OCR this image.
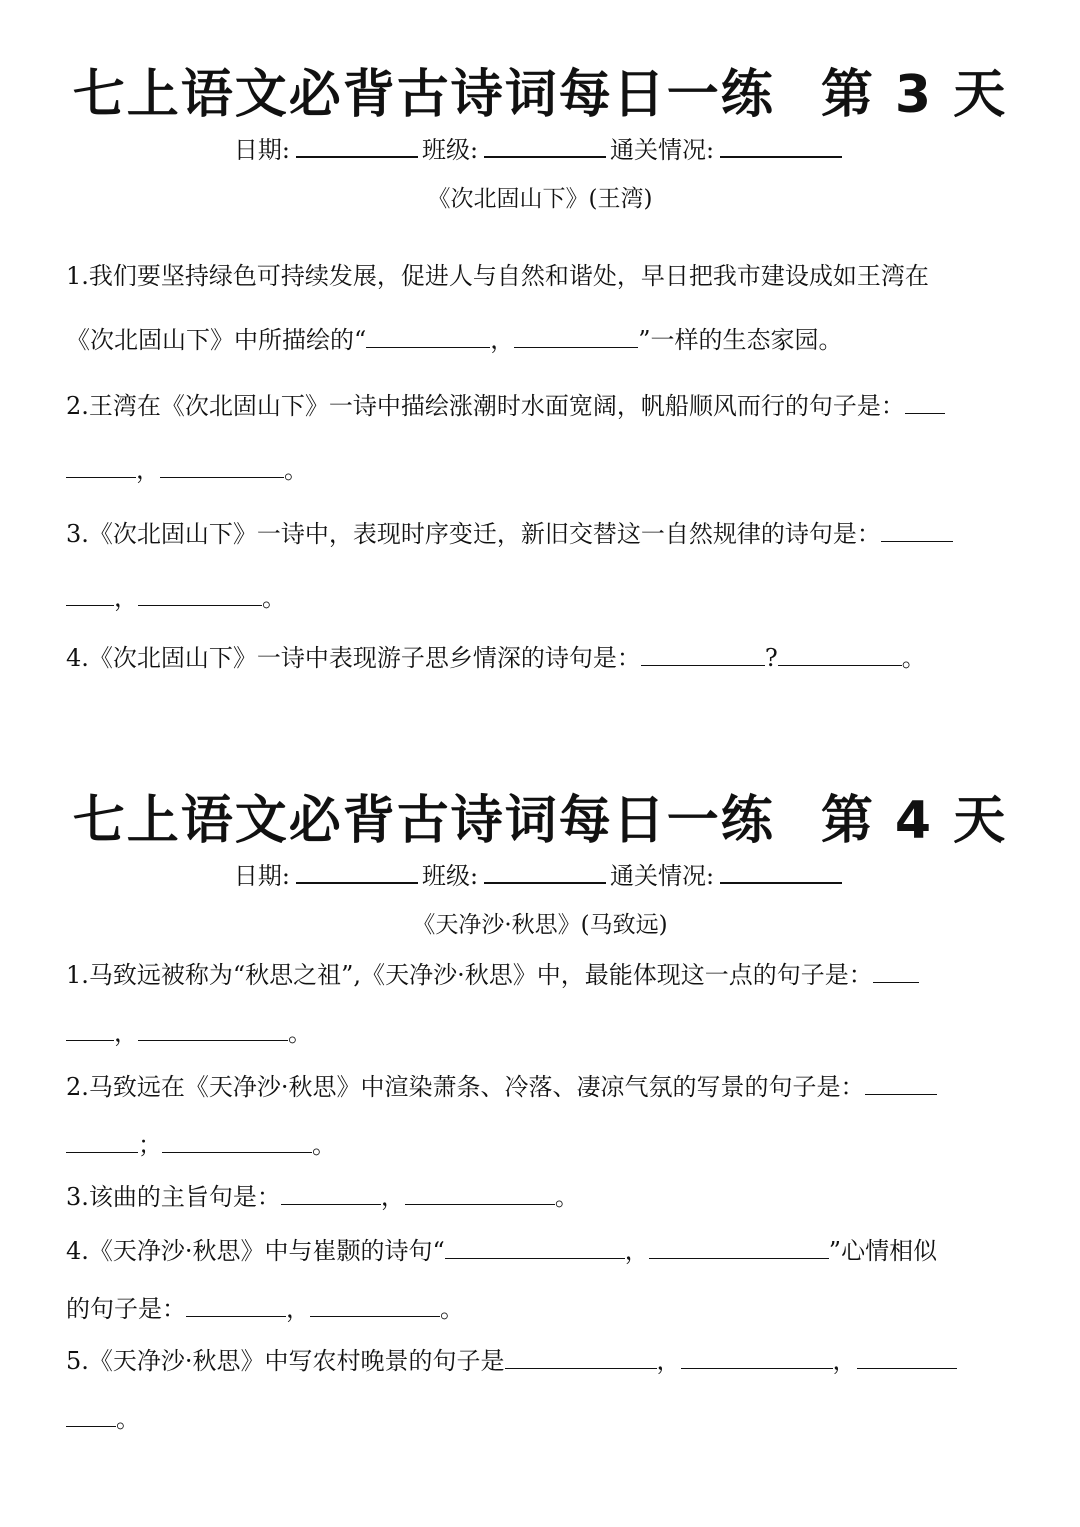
七上语文必背古诗词每日一练 第 3 天
日期:	班级:	通关情况:
《次北固山下》(王湾)
1.我们要坚持绿色可持续发展，促进人与自然和谐处，早日把我市建设成如王湾在
《次北固山下》中所描绘的“	，	”一样的生态家园。
2.王湾在《次北固山下》一诗中描绘涨潮时水面宽阔，帆船顺风而行的句子是：
，	。
3.《次北固山下》一诗中，表现时序变迁，新旧交替这一自然规律的诗句是：
，	。
4.《次北固山下》一诗中表现游子思乡情深的诗句是：	?	。
七上语文必背古诗词每日一练 第 4 天
日期:	班级:	通关情况:
《天净沙·秋思》(马致远)
1.马致远被称为“秋思之祖”,《天净沙·秋思》中，最能体现这一点的句子是：
，	。
2.马致远在《天净沙·秋思》中渲染萧条、冷落、凄凉气氛的写景的句子是：
；	。
3.该曲的主旨句是：	，	。
4.《天净沙·秋思》中与崔颢的诗句“	，	”心情相似
的句子是：	，	。
5.《天净沙·秋思》中写农村晚景的句子是	，	，
。
